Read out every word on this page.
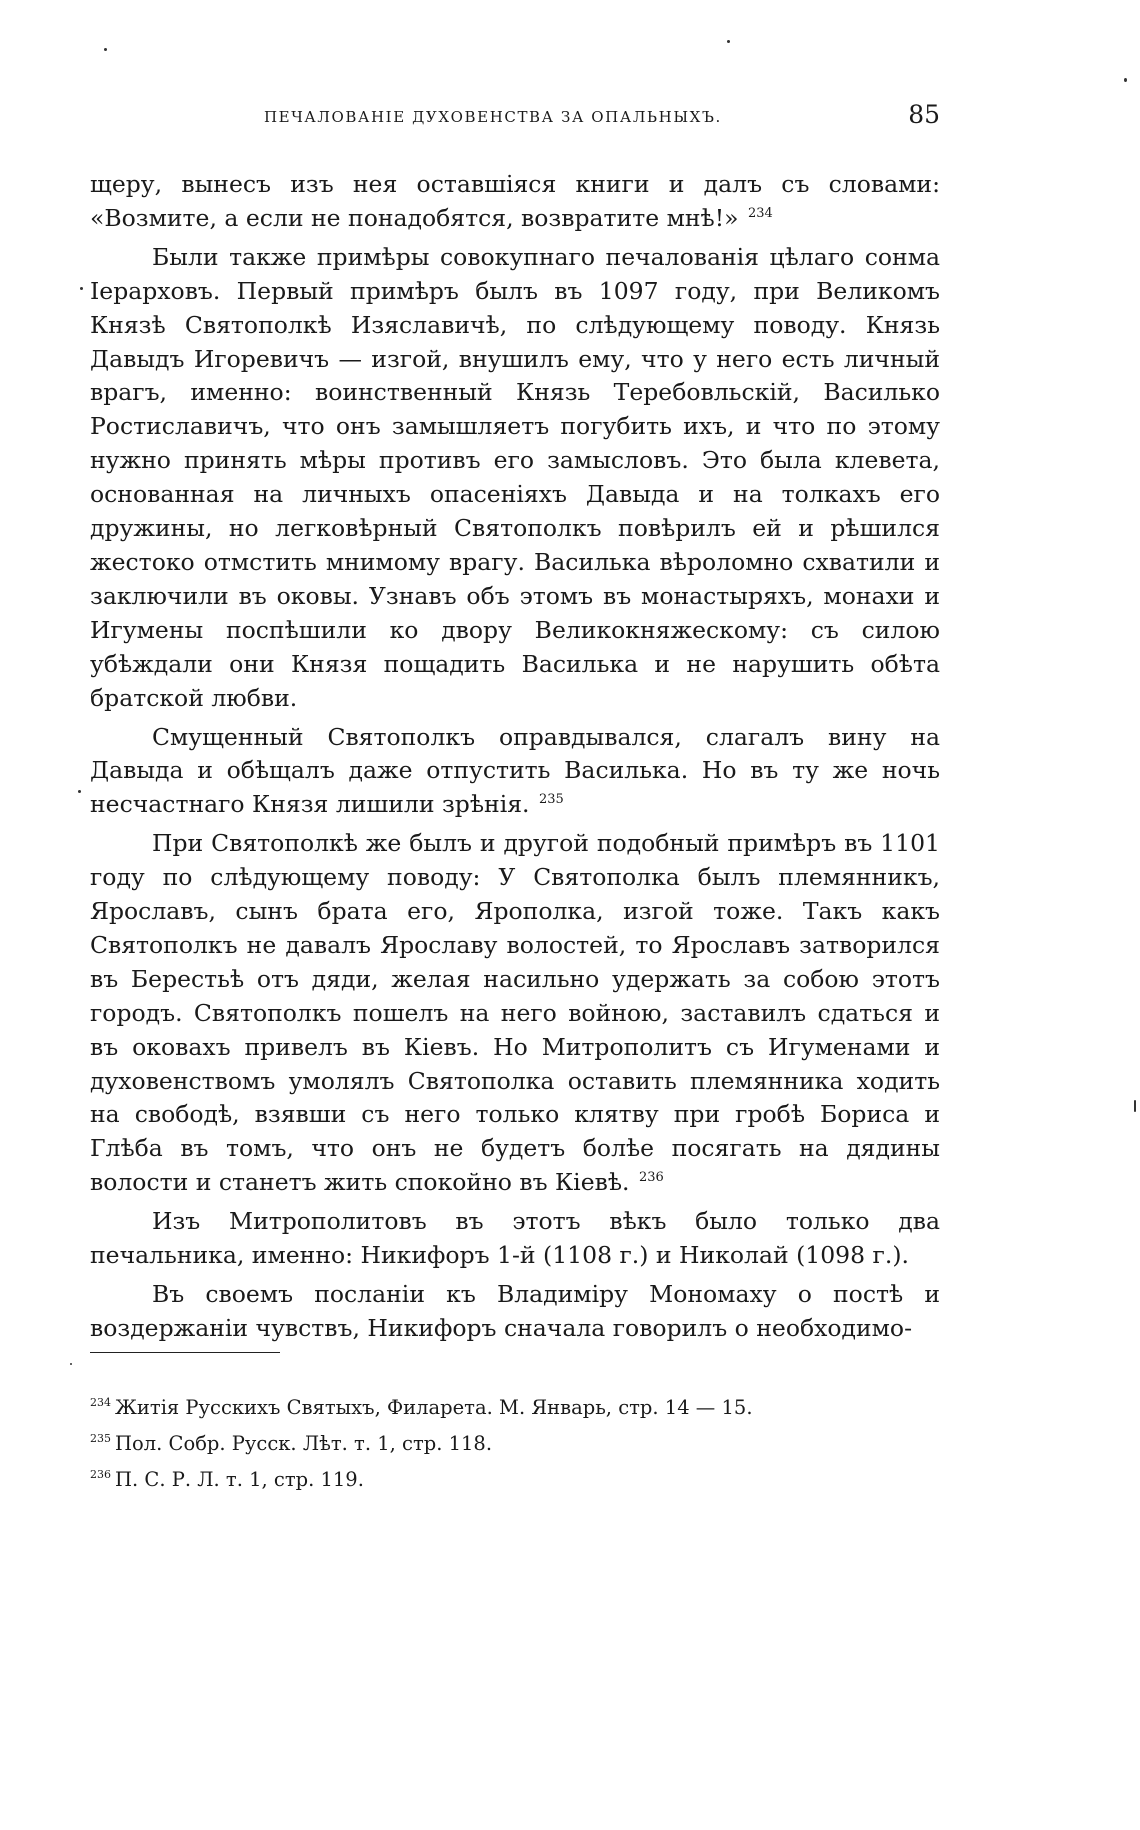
ПЕЧАЛОВАНІЕ ДУХОВЕНСТВА ЗА ОПАЛЬНЫХЪ.	85

щеру, вынесъ изъ нея оставшіяся книги и далъ съ словами: «Возмите, а если не понадобятся, возвратите мнѣ!» $^{234}$

Были также примѣры совокупнаго печалованія цѣлаго сонма Іерарховъ. Первый примѣръ былъ въ 1097 году, при Великомъ Князѣ Святополкѣ Изяславичѣ, по слѣдующему поводу. Князь Давыдъ Игоревичъ — изгой, внушилъ ему, что у него есть личный врагъ, именно: воинственный Князь Теребовльскій, Василько Ростиславичъ, что онъ замышляетъ погубить ихъ, и что по этому нужно принять мѣры противъ его замысловъ. Это была клевета, основанная на личныхъ опасеніяхъ Давыда и на толкахъ его дружины, но легковѣрный Святополкъ повѣрилъ ей и рѣшился жестоко отмстить мнимому врагу. Василька вѣроломно схватили и заключили въ оковы. Узнавъ объ этомъ въ монастыряхъ, монахи и Игумены поспѣшили ко двору Великокняжескому: съ силою убѣждали они Князя пощадить Василька и не нарушить обѣта братской любви.

Смущенный Святополкъ оправдывался, слагалъ вину на Давыда и обѣщалъ даже отпустить Василька. Но въ ту же ночь несчастнаго Князя лишили зрѣнія. $^{235}$

При Святополкѣ же былъ и другой подобный примѣръ въ 1101 году по слѣдующему поводу: У Святополка былъ племянникъ, Ярославъ, сынъ брата его, Ярополка, изгой тоже. Такъ какъ Святополкъ не давалъ Ярославу волостей, то Ярославъ затворился въ Берестьѣ отъ дяди, желая насильно удержать за собою этотъ городъ. Святополкъ пошелъ на него войною, заставилъ сдаться и въ оковахъ привелъ въ Кіевъ. Но Митрополитъ съ Игуменами и духовенствомъ умолялъ Святополка оставить племянника ходить на свободѣ, взявши съ него только клятву при гробѣ Бориса и Глѣба въ томъ, что онъ не будетъ болѣе посягать на дядины волости и станетъ жить спокойно въ Кіевѣ. $^{236}$

Изъ Митрополитовъ въ этотъ вѣкъ было только два печальника, именно: Никифоръ 1-й (1108 г.) и Николай (1098 г.).

Въ своемъ посланіи къ Владиміру Мономаху о постѣ и воздержаніи чувствъ, Никифоръ сначала говорилъ о необходимо-

$^{234}$ Житія Русскихъ Святыхъ, Филарета. М. Январь, стр. 14 — 15.
$^{235}$ Пол. Собр. Русск. Лѣт. т. 1, стр. 118.
$^{236}$ П. С. Р. Л. т. 1, стр. 119.
